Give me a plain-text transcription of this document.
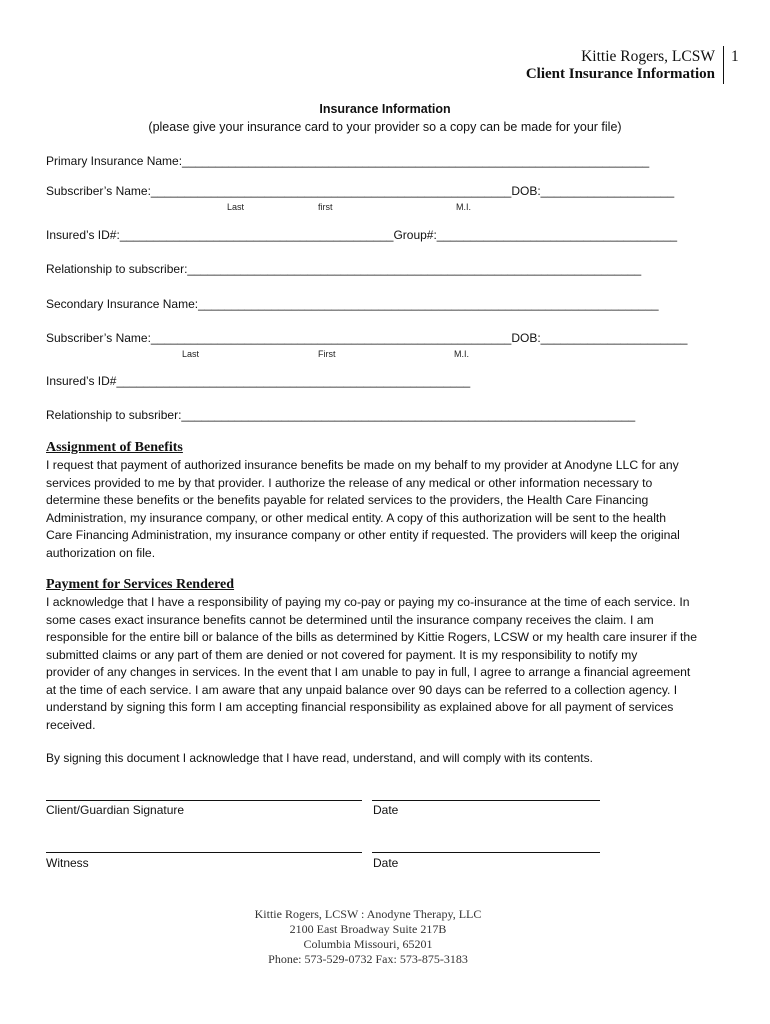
Kittie Rogers, LCSW
Client Insurance Information
1
Insurance Information
(please give your insurance card to your provider so a copy can be made for your file)
Primary Insurance Name:______________________________________________________________________
Subscriber’s Name:______________________________________________________DOB:____________________
Last	first	M.I.
Insured’s ID#:_________________________________________Group#:____________________________________
Relationship to subscriber:____________________________________________________________________
Secondary Insurance Name:_____________________________________________________________________
Subscriber’s Name:______________________________________________________DOB:______________________
Last	First	M.I.
Insured’s ID#_____________________________________________________
Relationship to subsriber:____________________________________________________________________
Assignment of Benefits

I request that payment of authorized insurance benefits be made on my behalf to my provider at Anodyne LLC for any

services provided to me by that provider. I authorize the release of any medical or other information necessary to

determine these benefits or the benefits payable for related services to the providers, the Health Care Financing

Administration, my insurance company, or other medical entity. A copy of this authorization will be sent to the health

Care Financing Administration, my insurance company or other entity if requested. The providers will keep the original

authorization on file.

Payment for Services Rendered

I acknowledge that I have a responsibility of paying my co-pay or paying my co-insurance at the time of each service. In

some cases exact insurance benefits cannot be determined until the insurance company receives the claim. I am

responsible for the entire bill or balance of the bills as determined by Kittie Rogers, LCSW or my health care insurer if the

submitted claims or any part of them are denied or not covered for payment. It is my responsibility to notify my

provider of any changes in services. In the event that I am unable to pay in full, I agree to arrange a financial agreement

at the time of each service. I am aware that any unpaid balance over 90 days can be referred to a collection agency. I

understand by signing this form I am accepting financial responsibility as explained above for all payment of services

received.

By signing this document I acknowledge that I have read, understand, and will comply with its contents.
Client/Guardian Signature	Date
Witness	Date
Kittie Rogers, LCSW : Anodyne Therapy, LLC
2100 East Broadway Suite 217B
Columbia Missouri, 65201
Phone: 573-529-0732 Fax: 573-875-3183
